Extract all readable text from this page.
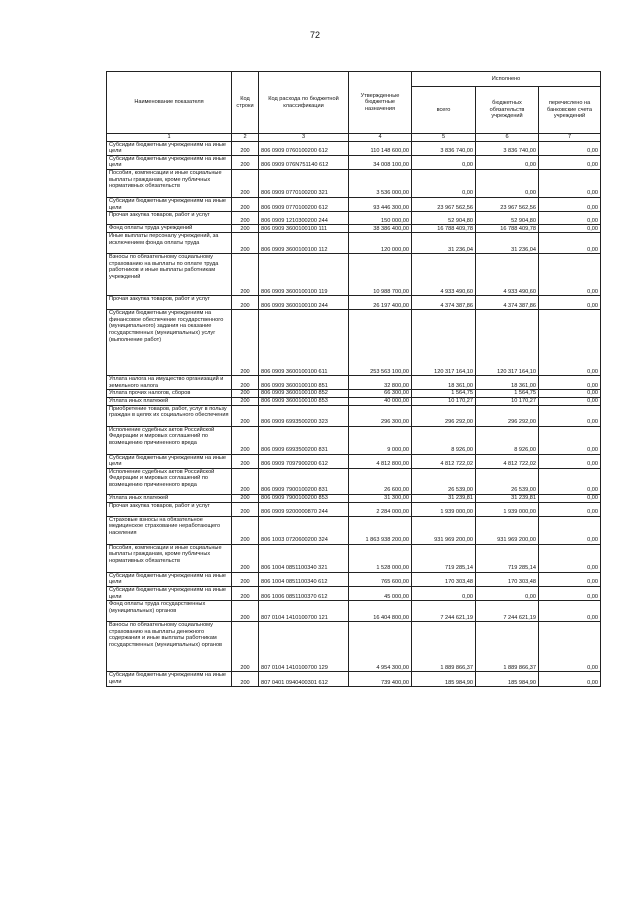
72
Наименование показателя	Код строки	Код расхода по бюджетной классификации	Утвержденные бюджетные назначения	Исполнено		
				всего	бюджетных обязательств учреждений	перечислено на банковские счета учреждений
1	2	3	4	5	6	7
Субсидии бюджетным учреждениям на иные цели	200	806 0909 0760100200 612	110 148 600,00	3 836 740,00	3 836 740,00	0,00
Субсидии бюджетным учреждениям на иные цели	200	806 0909 076N751140 612	34 008 100,00	0,00	0,00	0,00
Пособия, компенсации и иные социальные выплаты гражданам, кроме публичных нормативных обязательств	200	806 0909 0770100200 321	3 536 000,00	0,00	0,00	0,00
Субсидии бюджетным учреждениям на иные цели	200	806 0909 0770100200 612	93 446 300,00	23 967 562,56	23 967 562,56	0,00
Прочая закупка товаров, работ и услуг	200	806 0909 1210300200 244	150 000,00	52 904,80	52 904,80	0,00
Фонд оплаты труда учреждений	200	806 0909 3600100100 111	38 386 400,00	16 788 409,78	16 788 409,78	0,00
Иные выплаты персоналу учреждений, за исключением фонда оплаты труда	200	806 0909 3600100100 112	120 000,00	31 236,04	31 236,04	0,00
Взносы по обязательному социальному страхованию на выплаты по оплате труда работников и иные выплаты работникам учреждений	200	806 0909 3600100100 119	10 988 700,00	4 933 490,60	4 933 490,60	0,00
Прочая закупка товаров, работ и услуг	200	806 0909 3600100100 244	26 197 400,00	4 374 387,86	4 374 387,86	0,00
Субсидии бюджетным учреждениям на финансовое обеспечение государственного (муниципального) задания на оказание государственных (муниципальных) услуг (выполнение работ)	200	806 0909 3600100100 611	253 563 100,00	120 317 164,10	120 317 164,10	0,00
Уплата налога на имущество организаций и земельного налога	200	806 0909 3600100100 851	32 800,00	18 361,00	18 361,00	0,00
Уплата прочих налогов, сборов	200	806 0909 3600100100 852	66 300,00	1 564,75	1 564,75	0,00
Уплата иных платежей	200	806 0909 3600100100 853	40 000,00	10 170,27	10 170,27	0,00
Приобретение товаров, работ, услуг в пользу граждан в целях их социального обеспечения	200	806 0909 6993500200 323	296 300,00	296 292,00	296 292,00	0,00
Исполнение судебных актов Российской Федерации и мировых соглашений по возмещению причиненного вреда	200	806 0909 6993500200 831	9 000,00	8 926,00	8 926,00	0,00
Субсидии бюджетным учреждениям на иные цели	200	806 0909 7097900200 612	4 812 800,00	4 812 722,02	4 812 722,02	0,00
Исполнение судебных актов Российской Федерации и мировых соглашений по возмещению причиненного вреда	200	806 0909 7900100200 831	26 600,00	26 539,00	26 539,00	0,00
Уплата иных платежей	200	806 0909 7900100200 853	31 300,00	31 239,81	31 239,81	0,00
Прочая закупка товаров, работ и услуг	200	806 0909 9200000870 244	2 284 000,00	1 939 000,00	1 939 000,00	0,00
Страховые взносы на обязательное медицинское страхование неработающего населения	200	806 1003 0720600200 324	1 863 938 200,00	931 969 200,00	931 969 200,00	0,00
Пособия, компенсации и иные социальные выплаты гражданам, кроме публичных нормативных обязательств	200	806 1004 0851100340 321	1 528 000,00	719 285,14	719 285,14	0,00
Субсидии бюджетным учреждениям на иные цели	200	806 1004 0851100340 612	765 600,00	170 303,48	170 303,48	0,00
Субсидии бюджетным учреждениям на иные цели	200	806 1006 0851100370 612	45 000,00	0,00	0,00	0,00
Фонд оплаты труда государственных (муниципальных) органов	200	807 0104 1410100700 121	16 404 800,00	7 244 621,19	7 244 621,19	0,00
Взносы по обязательному социальному страхованию на выплаты денежного содержания и иные выплаты работникам государственных (муниципальных) органов	200	807 0104 1410100700 129	4 954 300,00	1 889 866,37	1 889 866,37	0,00
Субсидии бюджетным учреждениям на иные цели	200	807 0401 0940400301 612	739 400,00	185 984,90	185 984,90	0,00
